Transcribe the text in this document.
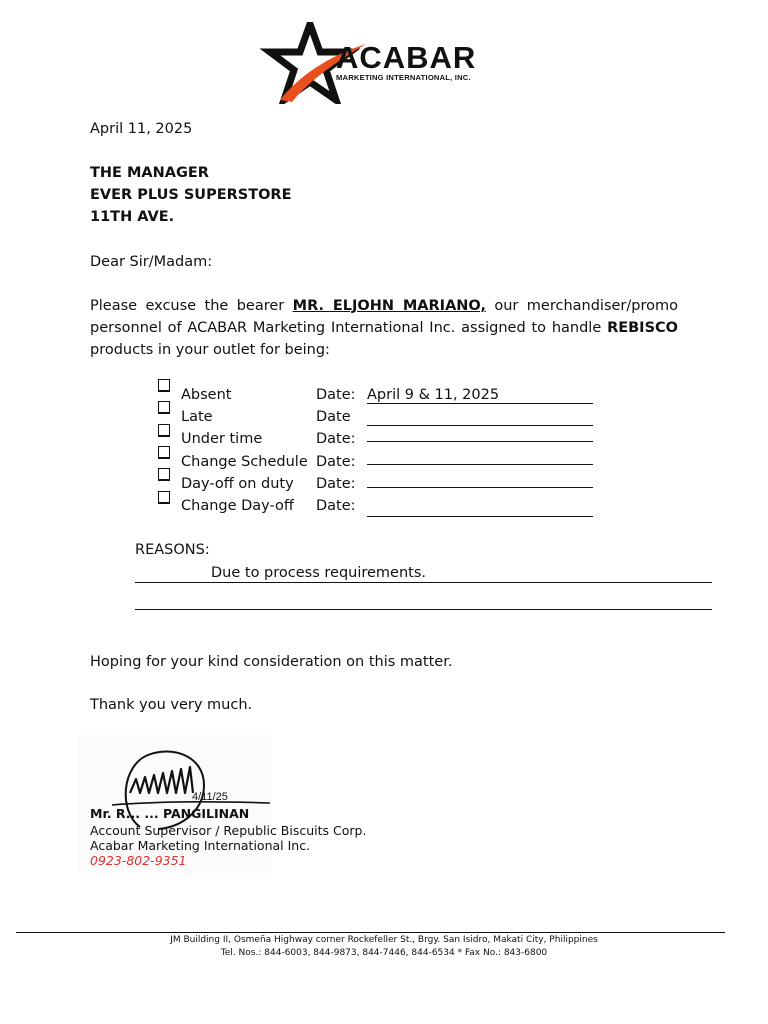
ACABAR
MARKETING INTERNATIONAL, INC.
April 11, 2025
THE MANAGER
EVER PLUS SUPERSTORE
11TH AVE.
Dear Sir/Madam:
Please excuse the bearer MR. ELJOHN MARIANO, our merchandiser/promo personnel of ACABAR Marketing International Inc. assigned to handle REBISCO products in your outlet for being:
Absent	Date: April 9 & 11, 2025
Late	Date
Under time	Date:
Change Schedule Date:
Day-off on duty Date:
Change Day-off Date:
REASONS:
Due to process requirements.
Hoping for your kind consideration on this matter.
Thank you very much.
4/11/25
Mr. R... ... PANGILINAN
Account Supervisor / Republic Biscuits Corp.
Acabar Marketing International Inc.
0923-802-9351
JM Building II, Osmeña Highway corner Rockefeller St., Brgy. San Isidro, Makati City, Philippines
Tel. Nos.: 844-6003, 844-9873, 844-7446, 844-6534 * Fax No.: 843-6800
